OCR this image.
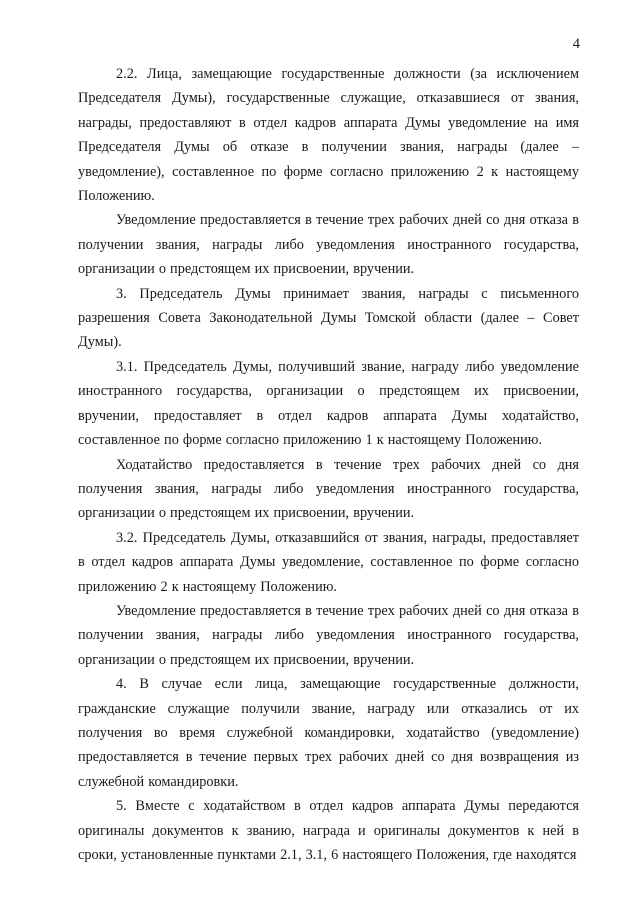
4

2.2. Лица, замещающие государственные должности (за исключением Председателя Думы), государственные служащие, отказавшиеся от звания, награды, предоставляют в отдел кадров аппарата Думы уведомление на имя Председателя Думы об отказе в получении звания, награды (далее – уведомление), составленное по форме согласно приложению 2 к настоящему Положению.

Уведомление предоставляется в течение трех рабочих дней со дня отказа в получении звания, награды либо уведомления иностранного государства, организации о предстоящем их присвоении, вручении.

3. Председатель Думы принимает звания, награды с письменного разрешения Совета Законодательной Думы Томской области (далее – Совет Думы).

3.1. Председатель Думы, получивший звание, награду либо уведомление иностранного государства, организации о предстоящем их присвоении, вручении, предоставляет в отдел кадров аппарата Думы ходатайство, составленное по форме согласно приложению 1 к настоящему Положению.

Ходатайство предоставляется в течение трех рабочих дней со дня получения звания, награды либо уведомления иностранного государства, организации о предстоящем их присвоении, вручении.

3.2. Председатель Думы, отказавшийся от звания, награды, предоставляет в отдел кадров аппарата Думы уведомление, составленное по форме согласно приложению 2 к настоящему Положению.

Уведомление предоставляется в течение трех рабочих дней со дня отказа в получении звания, награды либо уведомления иностранного государства, организации о предстоящем их присвоении, вручении.

4. В случае если лица, замещающие государственные должности, гражданские служащие получили звание, награду или отказались от их получения во время служебной командировки, ходатайство (уведомление) предоставляется в течение первых трех рабочих дней со дня возвращения из служебной командировки.

5. Вместе с ходатайством в отдел кадров аппарата Думы передаются оригиналы документов к званию, награда и оригиналы документов к ней в сроки, установленные пунктами 2.1, 3.1, 6 настоящего Положения, где находятся
